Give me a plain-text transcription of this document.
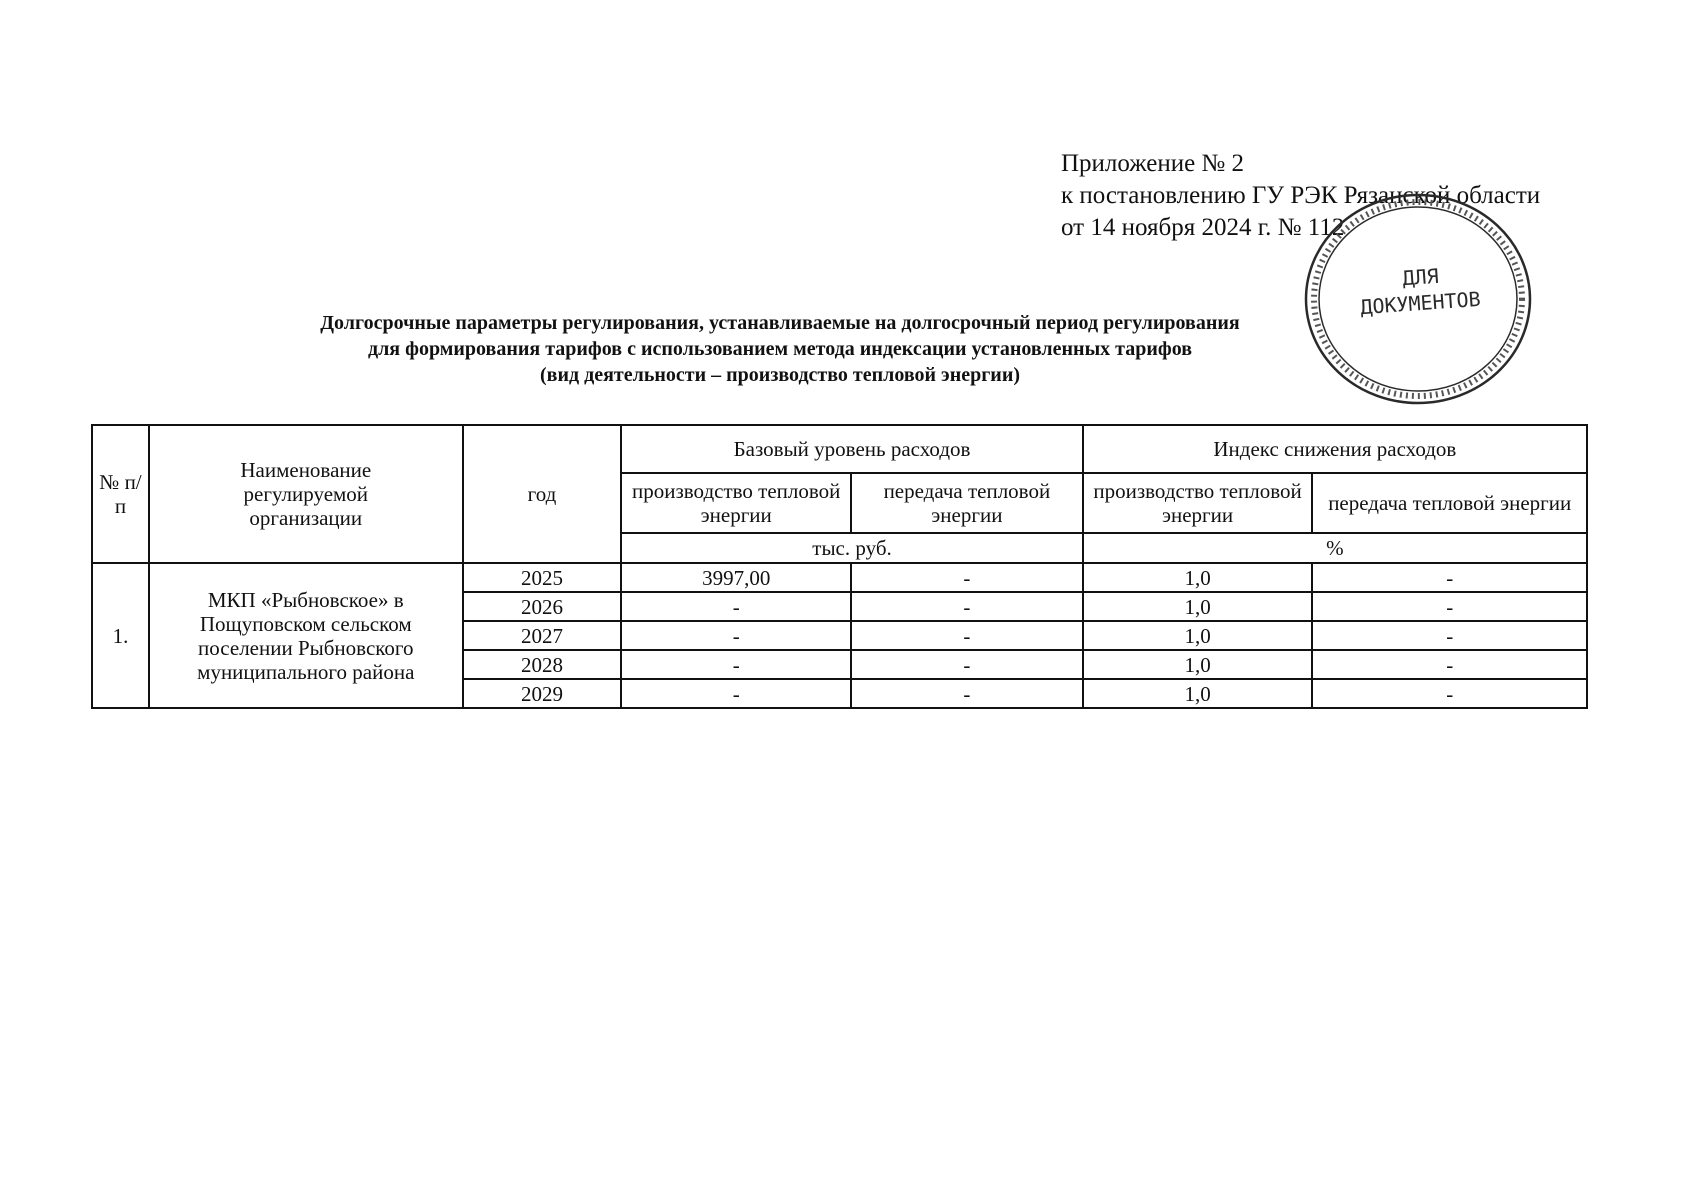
Приложение № 2
к постановлению ГУ РЭК Рязанской области
от 14 ноября 2024 г. № 112
Долгосрочные параметры регулирования, устанавливаемые на долгосрочный период регулирования
для формирования тарифов с использованием метода индексации установленных тарифов
(вид деятельности – производство тепловой энергии)
№ п/п	Наименование регулируемой организации	год	Базовый уровень расходов		Индекс снижения расходов	
			производство тепловой энергии	передача тепловой энергии	производство тепловой энергии	передача тепловой энергии
			тыс. руб.		%	
1.	МКП «Рыбновское» в Пощуповском сельском поселении Рыбновского муниципального района	2025	3997,00	-	1,0	-
		2026	-	-	1,0	-
		2027	-	-	1,0	-
		2028	-	-	1,0	-
		2029	-	-	1,0	-
ДЛЯ
ДОКУМЕНТОВ
